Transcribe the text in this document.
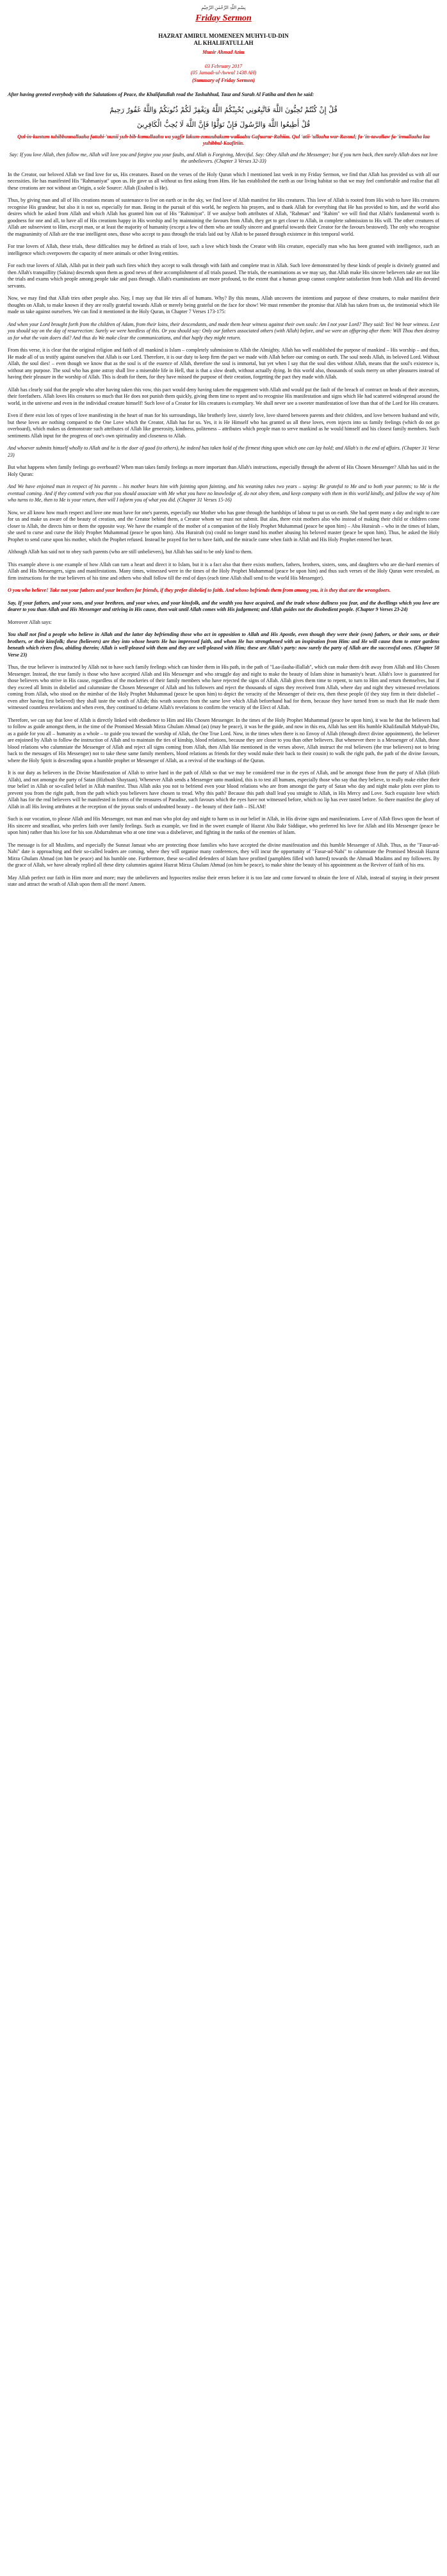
بِسْمِ اللّٰہِ الرَّحْمٰنِ الرَّحِیْمِ
Friday Sermon
HAZRAT AMIRUL MOMENEEN MUHYI-UD-DIN
AL KHALIFATULLAH
Munir Ahmad Azim
03 February 2017
(05 Jamadi-ul-Awwal 1438 AH)
(Summary of Friday Sermon)

After having greeted everybody with the Salutations of Peace, the Khalifatullah read the Tashahhud, Tauz and Surah Al Fatiha and then he said:

قُلْ إِنْ كُنْتُمْ تُحِبُّونَ اللَّهَ فَاتَّبِعُونِي يُحْبِبْكُمُ اللَّهُ وَيَغْفِرْ لَكُمْ ذُنُوبَكُمْ وَاللَّهُ غَفُورٌ رَحِيمٌ
قُلْ أَطِيعُوا اللَّهَ وَالرَّسُولَ فَإِنْ تَوَلَّوْا فَإِنَّ اللَّهَ لَا يُحِبُّ الْكَافِرِينَ
Qul-in-kuntum tuhibbuunallaaha fattabi-'uunii yuh-bib-kumullaahu wa yagfir lakum-zunuubakum-wallaahu Gafuurur-Rahiim. Qul 'atii-'ullaaha war-Rasuul; fa-'in-tawallaw fa-'innallaaha laa yuhibbul-Kaafiriin.
Say: If you love Allah, then follow me, Allah will love you and forgive you your faults, and Allah is Forgiving, Merciful. Say: Obey Allah and the Messenger; but if you turn back, then surely Allah does not love the unbelievers. (Chapter 3 Verses 32-33)

In the Creator, our beloved Allah we find love for us, His creatures. Based on the verses of the Holy Quran which I mentioned last week in my Friday Sermon, we find that Allah has provided us with all our necessities. He has manifested His "Rahmaniyat" upon us. He gave us all without us first asking from Him. He has established the earth as our living habitat so that we may feel comfortable and realise that all these creations are not without an Origin, a sole Source: Allah (Exalted is He).

Thus, by giving man and all of His creations means of sustenance to live on earth or in the sky, we find love of Allah manifest for His creatures. This love of Allah is rooted from His wish to have His creatures recognise His grandeur, but also it is not so, especially for man. Being in the pursuit of this world, he neglects his prayers, and to thank Allah for everything that He has provided to him, and the world also desires which he asked from Allah and which Allah has granted him out of His "Rahimiyat". If we analyse both attributes of Allah, "Rahman" and "Rahim" we will find that Allah's fundamental worth is goodness for one and all, to have all of His creations happy in His worship and by maintaining the favours from Allah, they get to get closer to Allah, in complete submission to His will. The other creatures of Allah are subservient to Him, except man, or at least the majority of humanity (except a few of them who are totally sincere and grateful towards their Creator for the favours bestowed). The only who recognise the magnanimity of Allah are the true intelligent ones, those who accept to pass through the trials laid out by Allah to be passed through existence in this temporal world.

For true lovers of Allah, these trials, these difficulties may be defined as trials of love, such a love which binds the Creator with His creature, especially man who has been granted with intelligence, such an intelligence which overpowers the capacity of mere animals or other living entities.

For each true lovers of Allah, Allah put in their path such fires which they accept to walk through with faith and complete trust in Allah. Such love demonstrated by these kinds of people is divinely granted and then Allah's tranquillity (Sakina) descends upon them as good news of their accomplishment of all trials passed. The trials, the examinations as we may say, that Allah make His sincere believers take are not like the trials and exams which people among people take and pass through. Allah's examinations are more profound, to the extent that a human group cannot complete satisfaction from both Allah and His devoted servants.

Now, we may find that Allah tries other people also. Nay, I may say that He tries all of humans. Why? By this means, Allah uncovers the intentions and purpose of these creatures, to make manifest their thoughts on Allah, to make known if they are really grateful towards Allah or merely being grateful on the face for show! We must remember the promise that Allah has taken from us, the testimonial which He made us take against ourselves. We can find it mentioned in the Holy Quran, in Chapter 7 Verses 173-175:

And when your Lord brought forth from the children of Adam, from their loins, their descendants, and made them bear witness against their own souls: Am I not your Lord? They said: Yes! We bear witness. Lest you should say on the day of resurrection: Surely we were heedless of this. Or you should say: Only our fathers associated others (with Allah) before, and we were an offspring after them: Will Thou then destroy us for what the vain doers did? And thus do We make clear the communications, and that haply they might return.

From this verse, it is clear that the original religion and faith of all mankind is Islam – completely submission to Allah the Almighty. Allah has well established the purpose of mankind – His worship – and thus, He made all of us testify against ourselves that Allah is our Lord. Therefore, it is our duty to keep firm the pact we made with Allah before our coming on earth. The soul needs Allah, its beloved Lord. Without Allah, the soul dies! – even though we know that as the soul is of the essence of Allah, therefore the soul is immortal, but yet when I say that the soul dies without Allah, means that the soul's existence is, without any purpose. The soul who has gone astray shall live a miserable life in Hell, that is that a slow death, without actually dying. In this world also, thousands of souls merry on other pleasures instead of having their pleasure in the worship of Allah. This is death for them, for they have missed the purpose of their creation, forgetting the pact they made with Allah.

Allah has clearly said that the people who after having taken this vow, this pact would deny having taken the engagement with Allah and would put the fault of the breach of contract on heads of their ancestors, their forefathers. Allah loves His creatures so much that He does not punish them quickly, giving them time to repent and to recognise His manifestation and signs which He had scattered widespread around the world, in the universe and even in the individual creature himself! Such love of a Creator for His creatures is exemplary. We shall never see a sweeter manifestation of love than that of the Lord for His creatures.

Even if there exist lots of types of love manifesting in the heart of man for his surroundings, like brotherly love, sisterly love, love shared between parents and their children, and love between husband and wife, but these loves are nothing compared to the One Love which the Creator, Allah has for us. Yes, it is He Himself who has granted us all these loves, even injects into us family feelings (which do not go overboard), which makes us demonstrate such attributes of Allah like generosity, kindness, politeness – attributes which people man to serve mankind as he would himself and his closest family members. Such sentiments Allah input for the progress of one's own spirituality and closeness to Allah.

And whoever submits himself wholly to Allah and he is the doer of good (to others), he indeed has taken hold of the firmest thing upon which one can lay hold; and Allah's is the end of affairs. (Chapter 31 Verse 23)

But what happens when family feelings go overboard? When man takes family feelings as more important than Allah's instructions, especially through the advent of His Chosen Messenger? Allah has said in the Holy Quran:

And We have enjoined man in respect of his parents – his mother bears him with fainting upon fainting, and his weaning takes two years – saying: Be grateful to Me and to both your parents; to Me is the eventual coming. And if they contend with you that you should associate with Me what you have no knowledge of, do not obey them, and keep company with them in this world kindly, and follow the way of him who turns to Me, then to Me is your return, then will I inform you of what you did. (Chapter 31 Verses 15-16)

Now, we all know how much respect and love one must have for one's parents, especially our Mother who has gone through the hardships of labour to put us on earth. She had spent many a day and night to care for us and make us aware of the beauty of creation, and the Creator behind them, a Creator whom we must not submit. But alas, there exist mothers also who instead of making their child or children come closer to Allah, the directs him or them the opposite way. We have the example of the mother of a companion of the Holy Prophet Muhammad (peace be upon him) – Abu Hurairah – who in the times of Islam, she used to curse and curse the Holy Prophet Muhammad (peace be upon him). Abu Hurairah (ra) could no longer stand his mother abusing his beloved master (peace be upon him). Thus, he asked the Holy Prophet to send curse upon his mother, which the Prophet refused. Instead he prayed for her to have faith, and the miracle came when faith in Allah and His Holy Prophet entered her heart.

Although Allah has said not to obey such parents (who are still unbelievers), but Allah has said to be only kind to them.

This example above is one example of how Allah can turn a heart and direct it to Islam, but it is a fact also that there exists mothers, fathers, brothers, sisters, sons, and daughters who are die-hard enemies of Allah and His Messengers, signs and manifestations. Many times, witnessed were in the times of the Holy Prophet Muhammad (peace be upon him) and thus such verses of the Holy Quran were revealed, as firm instructions for the true believers of his time and others who shall follow till the end of days (each time Allah shall send to the world His Messenger).

O you who believe! Take not your fathers and your brothers for friends, if they prefer disbelief to faith. And whoso befriends them from among you, it is they that are the wrongdoers.

Say, If your fathers, and your sons, and your brethren, and your wives, and your kinsfolk, and the wealth you have acquired, and the trade whose dullness you fear, and the dwellings which you love are dearer to you than Allah and His Messenger and striving in His cause, then wait until Allah comes with His judgement; and Allah guides not the disobedient people. (Chapter 9 Verses 23-24)

Moreover Allah says:

You shall not find a people who believe in Allah and the latter day befriending those who act in opposition to Allah and His Apostle, even though they were their (own) fathers, or their sons, or their brothers, or their kinsfolk; these (believers) are they into whose hearts He has impressed faith, and whom He has strengthened with an inspiration from Him: and He will cause them to enter gardens beneath which rivers flow, abiding therein; Allah is well-pleased with them and they are well-pleased with Him; these are Allah's party: now surely the party of Allah are the successful ones. (Chapter 58 Verse 23)

Thus, the true believer is instructed by Allah not to have such family feelings which can hinder them in His path, in the path of "Laa-ilaaha-illallah", which can make them drift away from Allah and His Chosen Messenger. Instead, the true family is those who have accepted Allah and His Messenger and who struggle day and night to make the beauty of Islam shine in humanity's heart. Allah's love is guaranteed for those believers who strive in His cause, regardless of the mockeries of their family members who have rejected the signs of Allah. Allah gives them time to repent, to turn to Him and return themselves, but if they exceed all limits in disbelief and calumniate the Chosen Messenger of Allah and his followers and reject the thousands of signs they received from Allah, where day and night they witnessed revelations coming from Allah, who stood on the mimbar of the Holy Prophet Muhammad (peace be upon him) to depict the veracity of the Messenger of their era, then these people (if they stay firm in their disbelief – even after having first believed) they shall taste the wrath of Allah; this wrath sources from the same love which Allah beforehand had for them, because they have turned from so much that He made them witnessed countless revelations and when even, they continued to defame Allah's revelations to confirm the veracity of the Elect of Allah.

Therefore, we can say that love of Allah is directly linked with obedience to Him and His Chosen Messenger. In the times of the Holy Prophet Muhammad (peace be upon him), it was he that the believers had to follow as guide amongst them, in the time of the Promised Messiah Mirza Ghulam Ahmad (as) (may he peace), it was he the guide, and now in this era, Allah has sent His humble Khalifatullah Mahyud-Din, as a guide for you all – humanity as a whole – to guide you toward the worship of Allah, the One True Lord. Now, in the times when there is no Envoy of Allah (through direct divine appointment), the believer are enjoined by Allah to follow the instruction of Allah and to maintain the ties of kinship, blood relations, because they are closer to you than other believers. But whenever there is a Messenger of Allah, those blood relations who calumniate the Messenger of Allah and reject all signs coming from Allah, then Allah like mentioned in the verses above, Allah instruct the real believers (the true believers) not to bring back to the messages of His Messenger) not to take these same family members, blood relations as friends for they would make their back to their cousin) to walk the right path, the path of the divine favours, where the Holy Spirit is descending upon a humble prophet or Messenger of Allah, as a revival of the teachings of the Quran.

It is our duty as believers in the Divine Manifestation of Allah to strive hard in the path of Allah so that we may be considered true in the eyes of Allah, and be amongst those from the party of Allah (Hizb Allah), and not amongst the party of Satan (Hizbush Shaytaan). Whenever Allah sends a Messenger unto mankind, this is to test all humans, especially those who say that they believe, to really make either their true belief in Allah or so-called belief in Allah manifest. Thus Allah asks you not to befriend even your blood relations who are from amongst the party of Satan who day and night make plots over plots to prevent you from the right path, from the path which you believers have chosen to tread. Why this path? Because this path shall lead you straight to Allah, in His Mercy and Love. Such exquisite love which Allah has for the real believers will be manifested in forms of the treasures of Paradise, such favours which the eyes have not witnessed before, which no lip has ever tasted before. So there manifest the glory of Allah in all His loving attributes at the reception of the joyous souls of undoubted beauty – the beauty of their faith – ISLAM!

Such is our vocation, to please Allah and His Messenger, not man and man who plot day and night to harm us in our belief in Allah, in His divine signs and manifestations. Love of Allah flows upon the heart of His sincere and steadfast, who prefers faith over family feelings. Such as example, we find in the sweet example of Hazrat Abu Bakr Siddique, who preferred his love for Allah and His Messenger (peace be upon him) rather than his love for his son Abdurrahman who at one time was a disbeliever, and fighting in the ranks of the enemies of Islam.

The message is for all Muslims, and especially the Sunnat Jamaat who are protecting those families who have accepted the divine manifestation and this humble Messenger of Allah. Thus, as the "Fasur-ud-Nabi" date is approaching and their so-called leaders are coming, where they will organise many conferences, they will incur the opportunity of "Fasur-ud-Nabi" to calumniate the Promised Messiah Hazrat Mirza Ghulam Ahmad (on him be peace) and his humble one. Furthermore, these so-called defenders of Islam have profited (pamphlets filled with hatred) towards the Ahmadi Muslims and my followers. By the grace of Allah, we have already replied all these dirty calumnies against Hazrat Mirza Ghulam Ahmad (on him be peace), to make shine the beauty of his appointment as the Reviver of faith of his era.

May Allah perfect our faith in Him more and more; may the unbelievers and hypocrites realise their errors before it is too late and come forward to obtain the love of Allah, instead of staying in their present state and attract the wrath of Allah upon them all the more! Ameen.
